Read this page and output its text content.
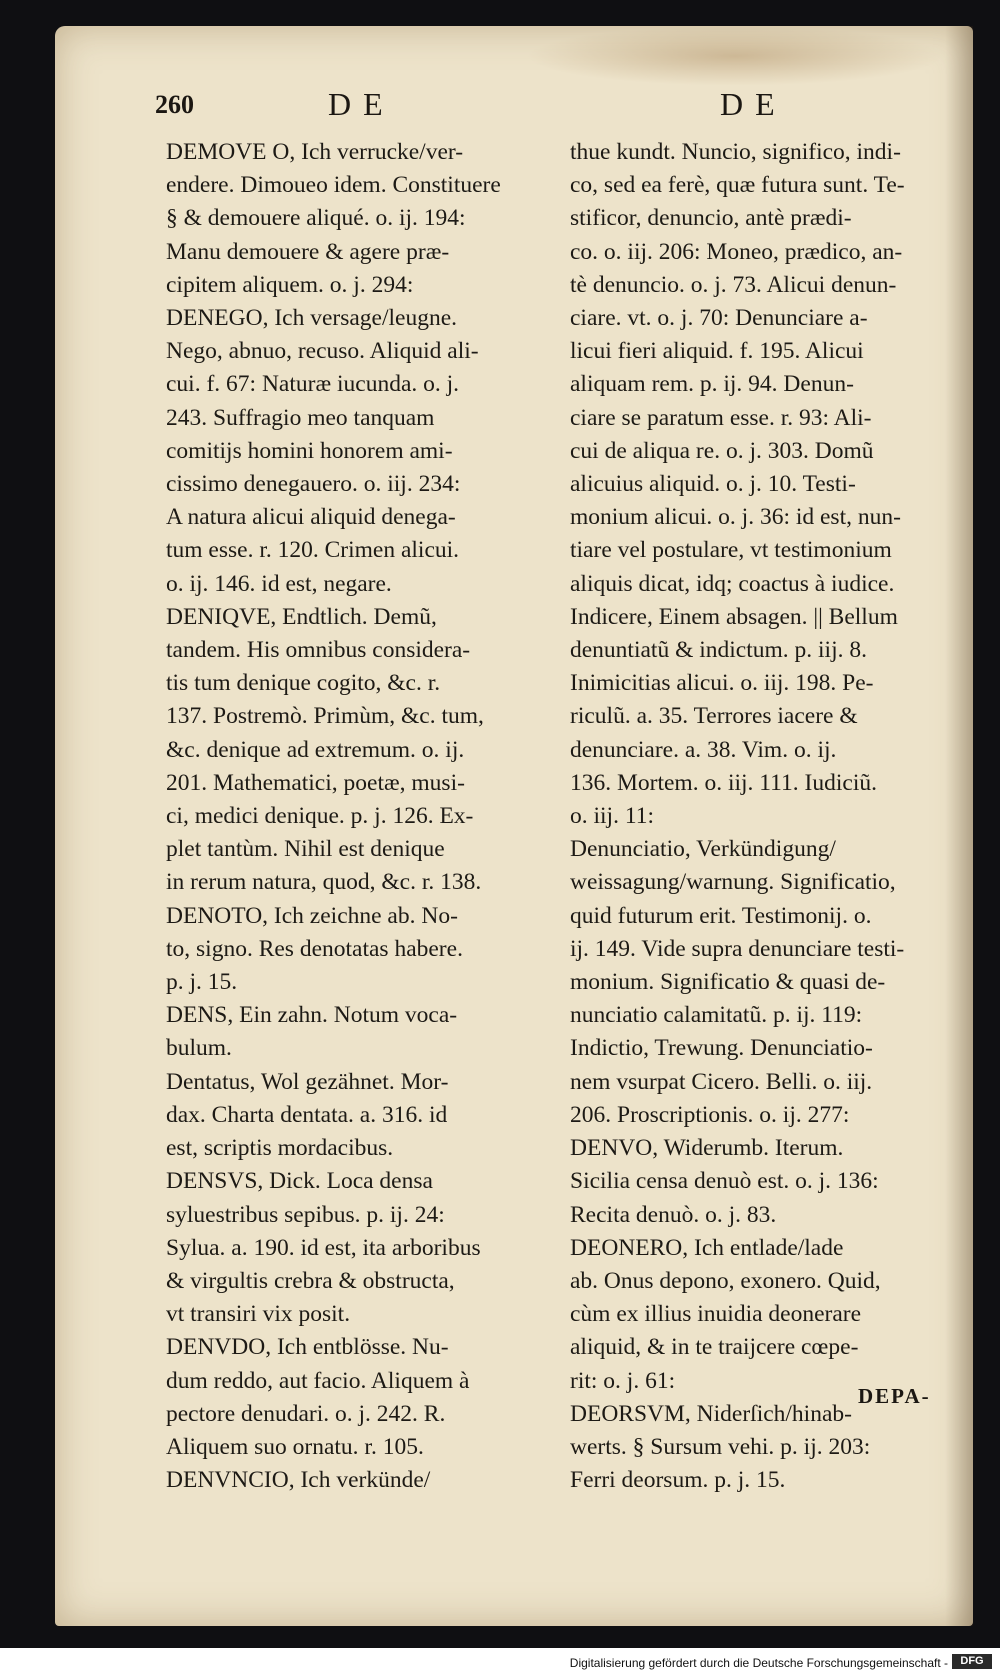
260	DE	DE

DEMOVE O, Ich verrucke/ver-

endere. Dimoueo idem. Constituere

§ & demouere aliqué. o. ij. 194:

Manu demouere & agere præ-

cipitem aliquem. o. j. 294:

DENEGO, Ich versage/leugne.

Nego, abnuo, recuso. Aliquid ali-

cui. f. 67: Naturæ iucunda. o. j.

243. Suffragio meo tanquam

comitijs homini honorem ami-

cissimo denegauero. o. iij. 234:

A natura alicui aliquid denega-

tum esse. r. 120. Crimen alicui.

o. ij. 146. id est, negare.

DENIQVE, Endtlich. Demũ,

tandem. His omnibus considera-

tis tum denique cogito, &c. r.

137. Postremò. Primùm, &c. tum,

&c. denique ad extremum. o. ij.

201. Mathematici, poetæ, musi-

ci, medici denique. p. j. 126. Ex-

plet tantùm. Nihil est denique

in rerum natura, quod, &c. r. 138.

DENOTO, Ich zeichne ab. No-

to, signo. Res denotatas habere.

p. j. 15.

DENS, Ein zahn. Notum voca-

bulum.

Dentatus, Wol gezähnet. Mor-

dax. Charta dentata. a. 316. id

est, scriptis mordacibus.

DENSVS, Dick. Loca densa

syluestribus sepibus. p. ij. 24:

Sylua. a. 190. id est, ita arboribus

& virgultis crebra & obstructa,

vt transiri vix posit.

DENVDO, Ich entblösse. Nu-

dum reddo, aut facio. Aliquem à

pectore denudari. o. j. 242. R.

Aliquem suo ornatu. r. 105.

DENVNCIO, Ich verkünde/

thue kundt. Nuncio, significo, indi-

co, sed ea ferè, quæ futura sunt. Te-

stificor, denuncio, antè prædi-

co. o. iij. 206: Moneo, prædico, an-

tè denuncio. o. j. 73. Alicui denun-

ciare. vt. o. j. 70: Denunciare a-

licui fieri aliquid. f. 195. Alicui

aliquam rem. p. ij. 94. Denun-

ciare se paratum esse. r. 93: Ali-

cui de aliqua re. o. j. 303. Domũ

alicuius aliquid. o. j. 10. Testi-

monium alicui. o. j. 36: id est, nun-

tiare vel postulare, vt testimonium

aliquis dicat, idq; coactus à iudice.

Indicere, Einem absagen. || Bellum

denuntiatũ & indictum. p. iij. 8.

Inimicitias alicui. o. iij. 198. Pe-

riculũ. a. 35. Terrores iacere &

denunciare. a. 38. Vim. o. ij.

136. Mortem. o. iij. 111. Iudiciũ.

o. iij. 11:

Denunciatio, Verkündigung/

weissagung/warnung. Significatio,

quid futurum erit. Testimonij. o.

ij. 149. Vide supra denunciare testi-

monium. Significatio & quasi de-

nunciatio calamitatũ. p. ij. 119:

Indictio, Trewung. Denunciatio-

nem vsurpat Cicero. Belli. o. iij.

206. Proscriptionis. o. ij. 277:

DENVO, Widerumb. Iterum.

Sicilia censa denuò est. o. j. 136:

Recita denuò. o. j. 83.

DEONERO, Ich entlade/lade

ab. Onus depono, exonero. Quid,

cùm ex illius inuidia deonerare

aliquid, & in te traijcere cœpe-

rit: o. j. 61:

DEORSVM, Niderſich/hinab-

werts. § Sursum vehi. p. ij. 203:

Ferri deorsum. p. j. 15.

DEPA-
Digitalisierung gefördert durch die Deutsche Forschungsgemeinschaft -	DFG
